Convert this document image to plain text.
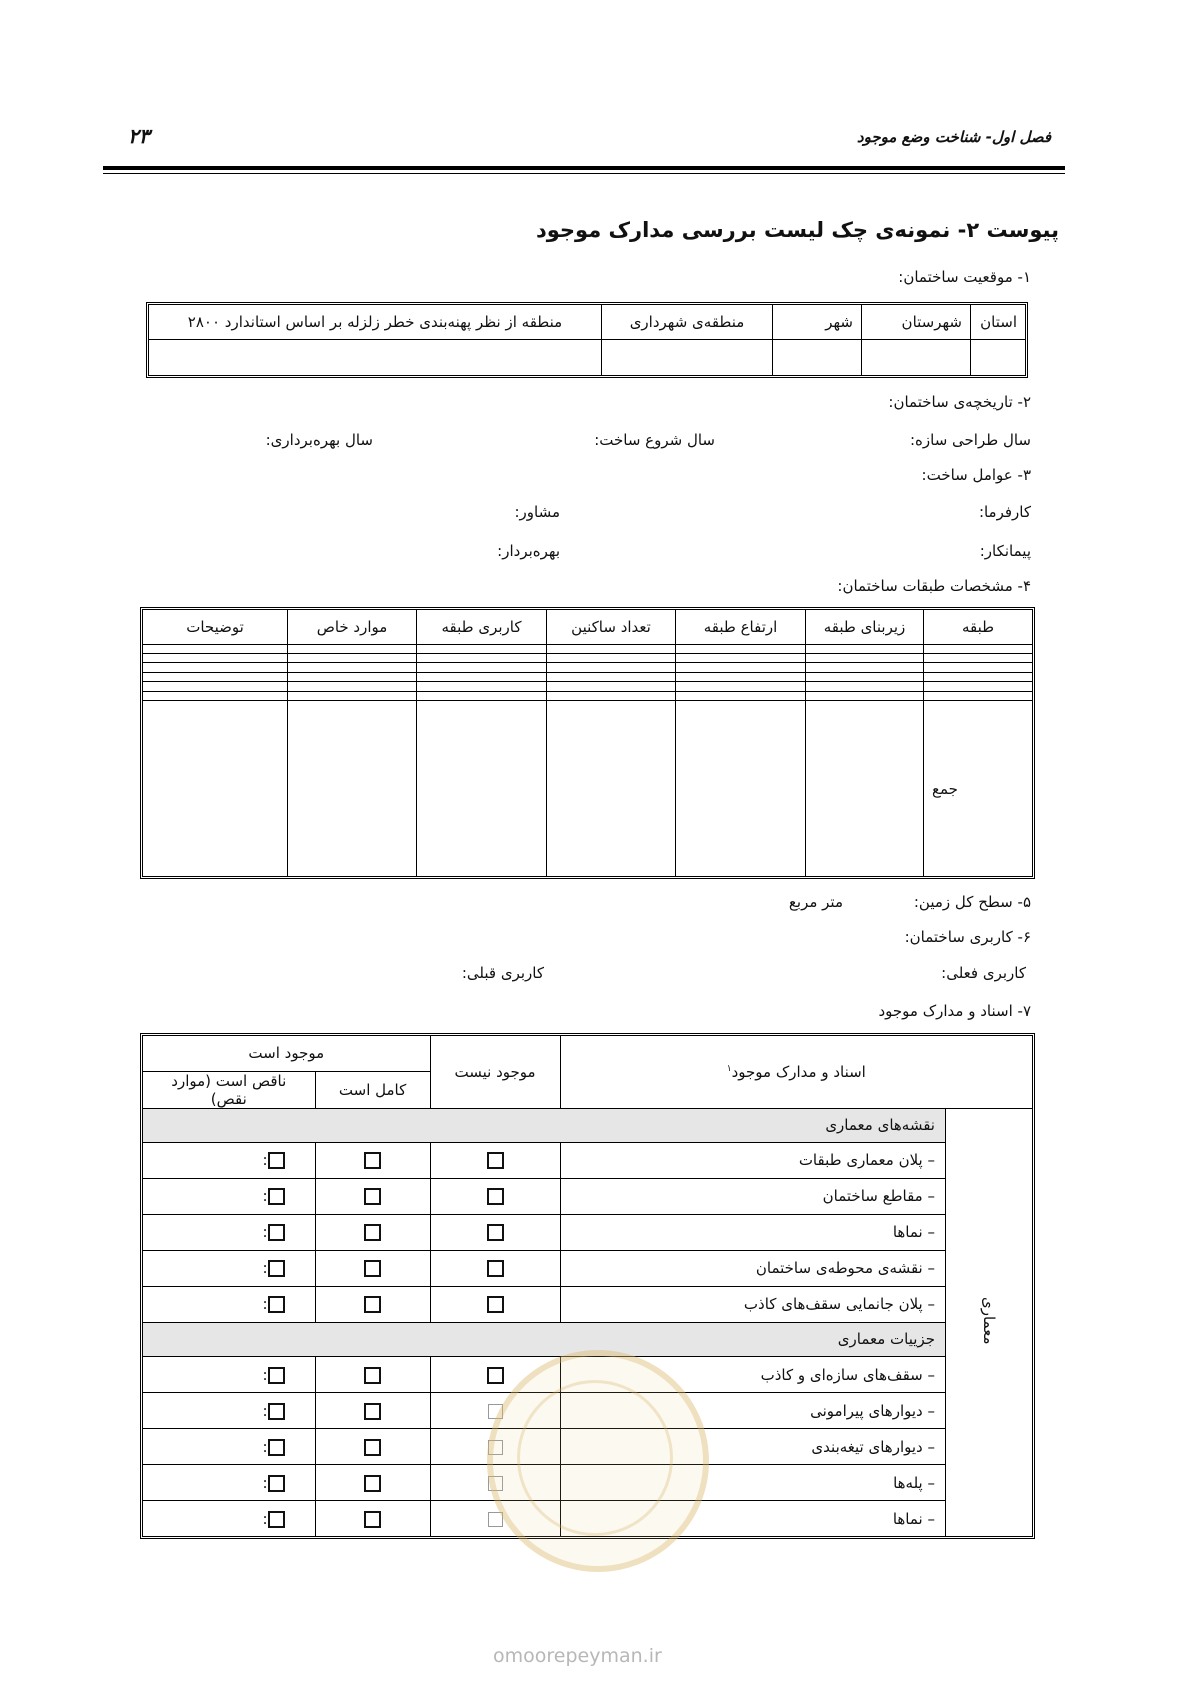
فصل اول- شناخت وضع موجود
۲۳
پیوست ۲- نمونه‌ی چک لیست بررسی مدارک موجود
۱- موقعیت ساختمان:
استان	شهرستان	شهر	منطقه‌ی شهرداری	منطقه از نظر پهنه‌بندی خطر زلزله بر اساس استاندارد ۲۸۰۰

۲- تاریخچه‌ی ساختمان:
سال طراحی سازه:
سال شروع ساخت:
سال بهره‌برداری:
۳- عوامل ساخت:
کارفرما:
مشاور:
پیمانکار:
بهره‌بردار:
۴- مشخصات طبقات ساختمان:
طبقه	زیربنای طبقه	ارتفاع طبقه	تعداد ساکنین	کاربری طبقه	موارد خاص	توضیحات

جمع						
۵- سطح کل زمین:
متر مربع
۶- کاربری ساختمان:
کاربری فعلی:
کاربری قبلی:
۷- اسناد و مدارک موجود
اسناد و مدارک موجود$^۱$		موجود نیست	موجود است	
			کامل است	ناقص است (موارد نقص)
معماری	نقشه‌های معماری			
	– پلان معماری طبقات			:
	– مقاطع ساختمان			:
	– نماها			:
	– نقشه‌ی محوطه‌ی ساختمان			:
	– پلان جانمایی سقف‌های کاذب			:
	جزییات معماری			
	– سقف‌های سازه‌ای و کاذب			:
	– دیوارهای پیرامونی			:
	– دیوارهای تیغه‌بندی			:
	– پله‌ها			:
	– نماها			:
omoorepeyman.ir
